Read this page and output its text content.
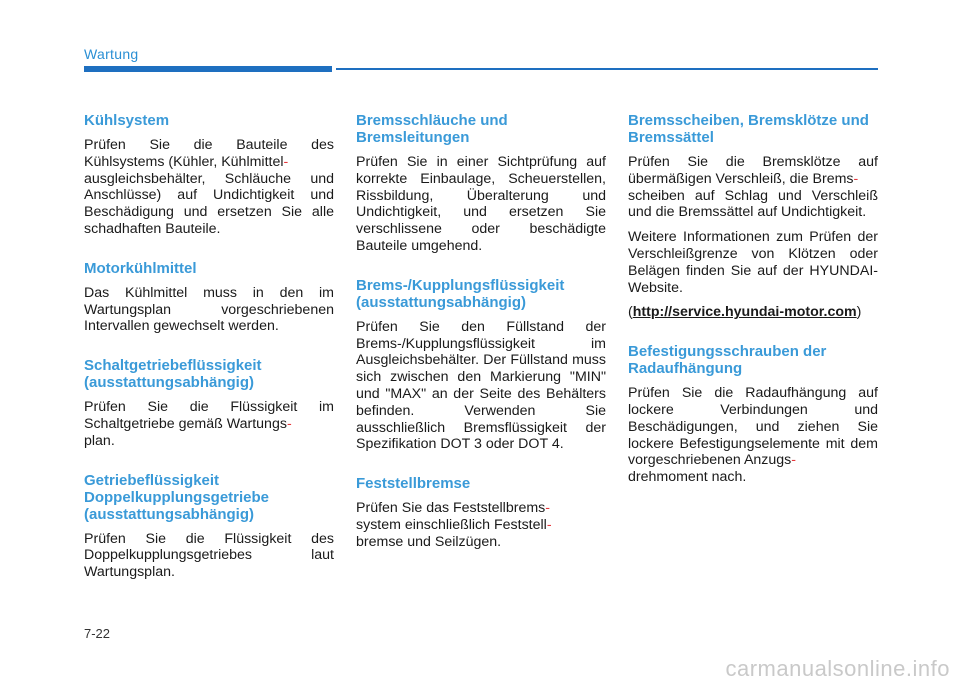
Wartung
Kühlsystem

Prüfen Sie die Bauteile des Kühlsystems (Kühler, Kühlmittel-
ausgleichsbehälter, Schläuche und Anschlüsse) auf Undichtigkeit und Beschädigung und ersetzen Sie alle schadhaften Bauteile.

Motorkühlmittel

Das Kühlmittel muss in den im Wartungsplan vorgeschriebenen Intervallen gewechselt werden.

Schaltgetriebeflüssigkeit (ausstattungsabhängig)

Prüfen Sie die Flüssigkeit im Schaltgetriebe gemäß Wartungs-
plan.

Getriebeflüssigkeit Doppelkupplungsgetriebe (ausstattungsabhängig)

Prüfen Sie die Flüssigkeit des Doppelkupplungsgetriebes laut Wartungsplan.

Bremsschläuche und Bremsleitungen

Prüfen Sie in einer Sichtprüfung auf korrekte Einbaulage, Scheuerstellen, Rissbildung, Überalterung und Undichtigkeit, und ersetzen Sie verschlissene oder beschädigte Bauteile umgehend.

Brems-/Kupplungsflüssigkeit (ausstattungsabhängig)

Prüfen Sie den Füllstand der Brems-/Kupplungsflüssigkeit im Ausgleichsbehälter. Der Füllstand muss sich zwischen den Markierung "MIN" und "MAX" an der Seite des Behälters befinden. Verwenden Sie ausschließlich Bremsflüssigkeit der Spezifikation DOT 3 oder DOT 4.

Feststellbremse

Prüfen Sie das Feststellbrems-
system einschließlich Feststell-
bremse und Seilzügen.

Bremsscheiben, Bremsklötze und Bremssättel

Prüfen Sie die Bremsklötze auf übermäßigen Verschleiß, die Brems-
scheiben auf Schlag und Verschleiß und die Bremssättel auf Undichtigkeit.

Weitere Informationen zum Prüfen der Verschleißgrenze von Klötzen oder Belägen finden Sie auf der HYUNDAI-Website.

(http://service.hyundai-motor.com)

Befestigungsschrauben der Radaufhängung

Prüfen Sie die Radaufhängung auf lockere Verbindungen und Beschädigungen, und ziehen Sie lockere Befestigungselemente mit dem vorgeschriebenen Anzugs-
drehmoment nach.

7-22
carmanualsonline.info
